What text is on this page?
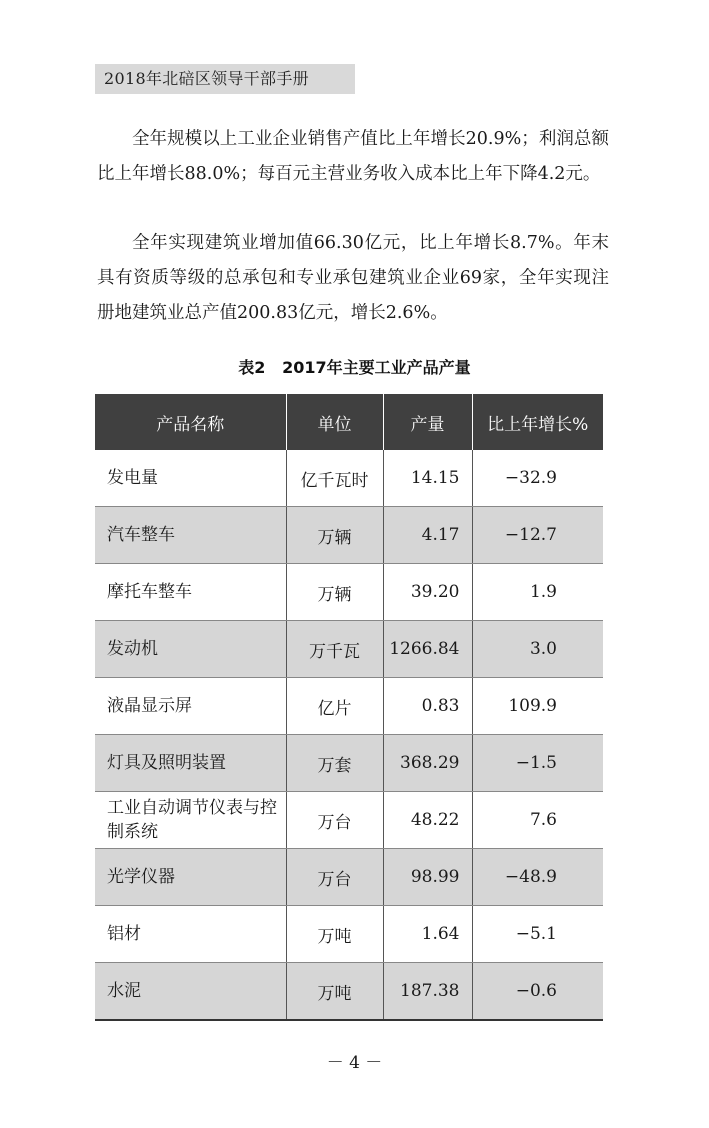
2018年北碚区领导干部手册

全年规模以上工业企业销售产值比上年增长20.9%；利润总额比上年增长88.0%；每百元主营业务收入成本比上年下降4.2元。

全年实现建筑业增加值66.30亿元，比上年增长8.7%。年末具有资质等级的总承包和专业承包建筑业企业69家，全年实现注册地建筑业总产值200.83亿元，增长2.6%。

表2   2017年主要工业产品产量
产品名称	单位	产量	比上年增长%
发电量	亿千瓦时	14.15	−32.9
汽车整车	万辆	4.17	−12.7
摩托车整车	万辆	39.20	1.9
发动机	万千瓦	1266.84	3.0
液晶显示屏	亿片	0.83	109.9
灯具及照明装置	万套	368.29	−1.5
工业自动调节仪表与控制系统	万台	48.22	7.6
光学仪器	万台	98.99	−48.9
铝材	万吨	1.64	−5.1
水泥	万吨	187.38	−0.6
－ 4 －
